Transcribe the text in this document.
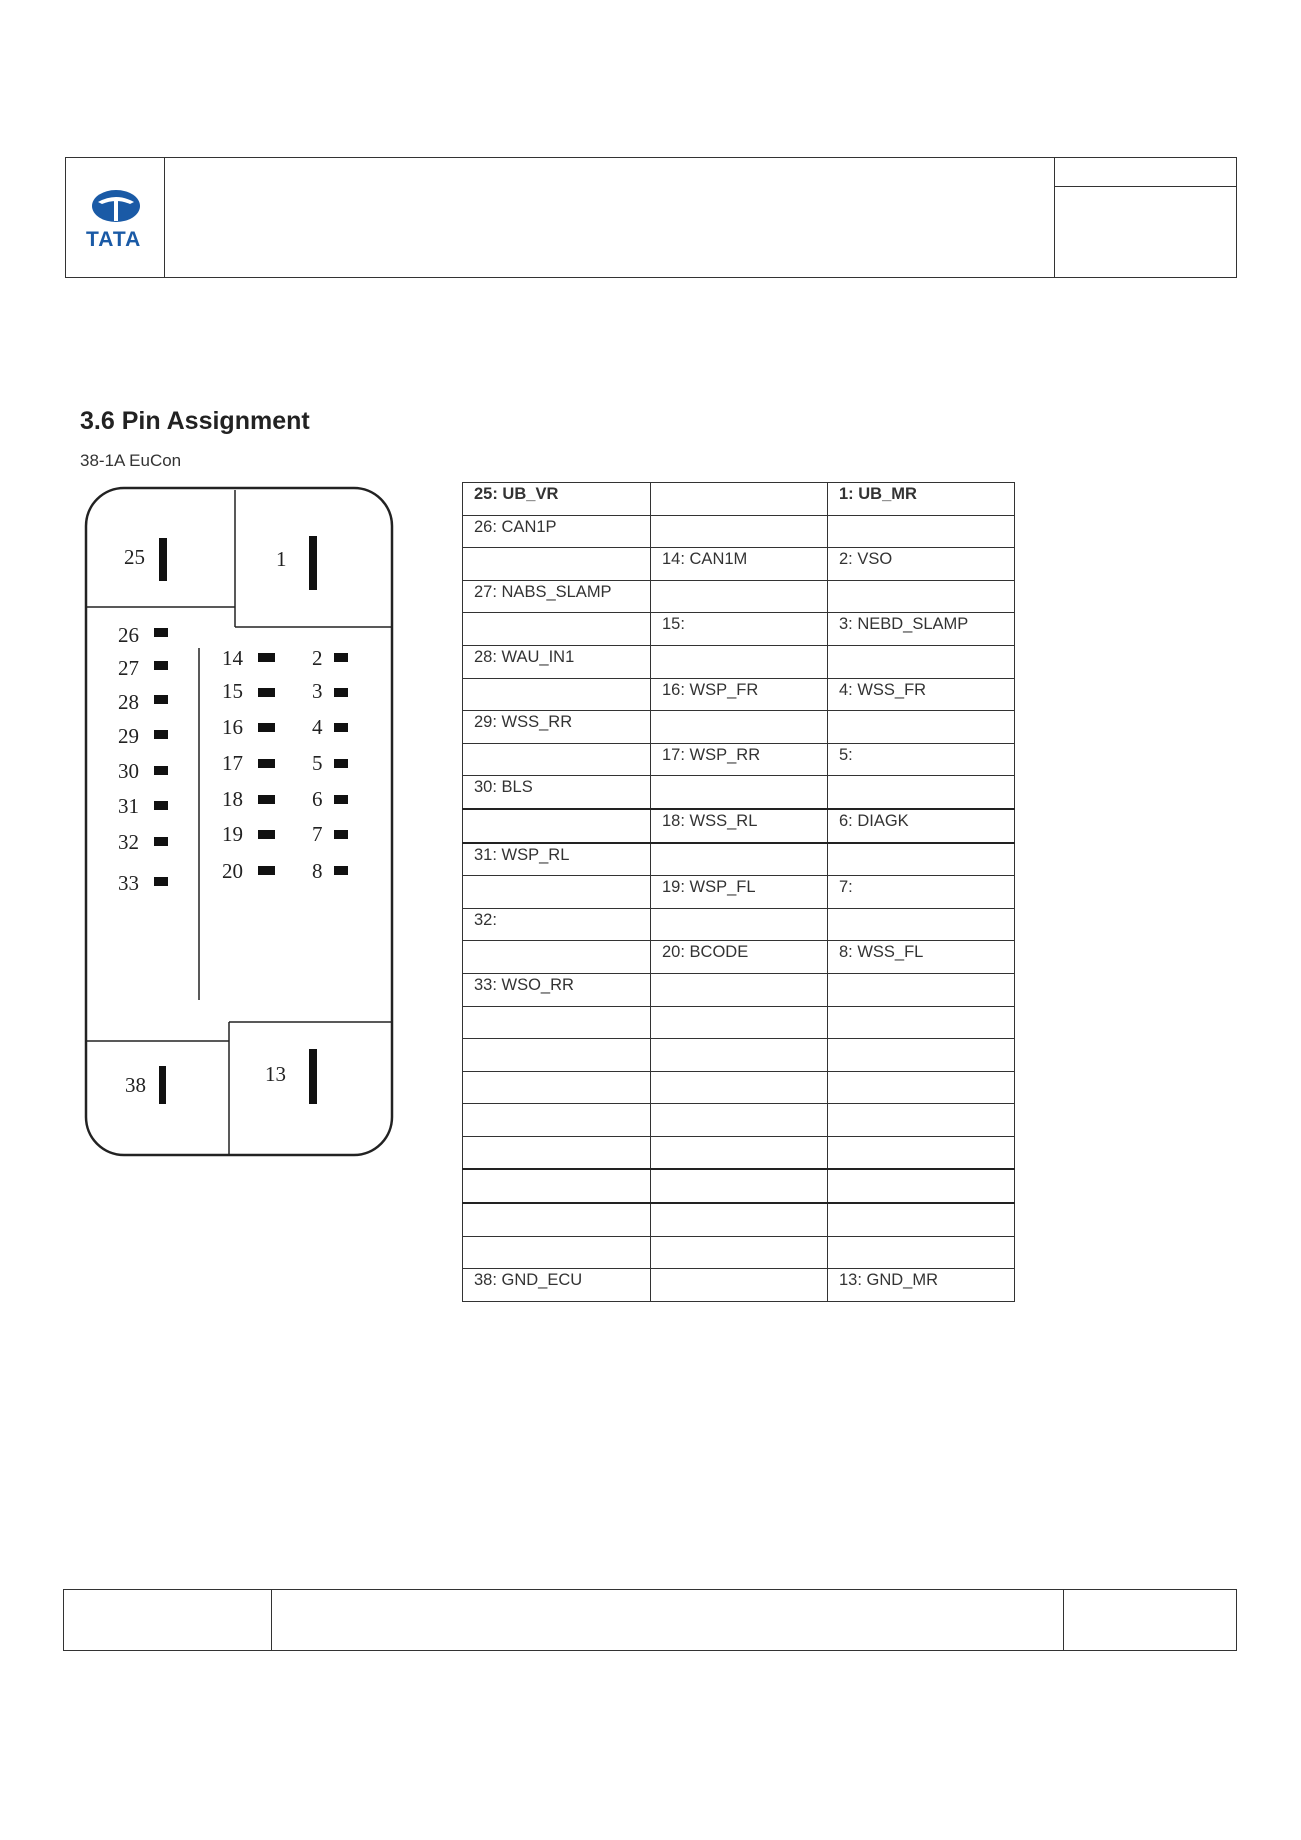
TATA
3.6 Pin Assignment
38-1A EuCon
25	1
38	13
26
27
28
29
30
31
32
33
14
15
16
17
18
19
20
2
3
4
5
6
7
8
25: UB_VR		1: UB_MR
26: CAN1P		
	14: CAN1M	2: VSO
27: NABS_SLAMP		
	15:	3: NEBD_SLAMP
28: WAU_IN1		
	16: WSP_FR	4: WSS_FR
29: WSS_RR		
	17: WSP_RR	5:
30: BLS		
	18: WSS_RL	6: DIAGK
31: WSP_RL		
	19: WSP_FL	7:
32:		
	20: BCODE	8: WSS_FL
33: WSO_RR		

38: GND_ECU		13: GND_MR
